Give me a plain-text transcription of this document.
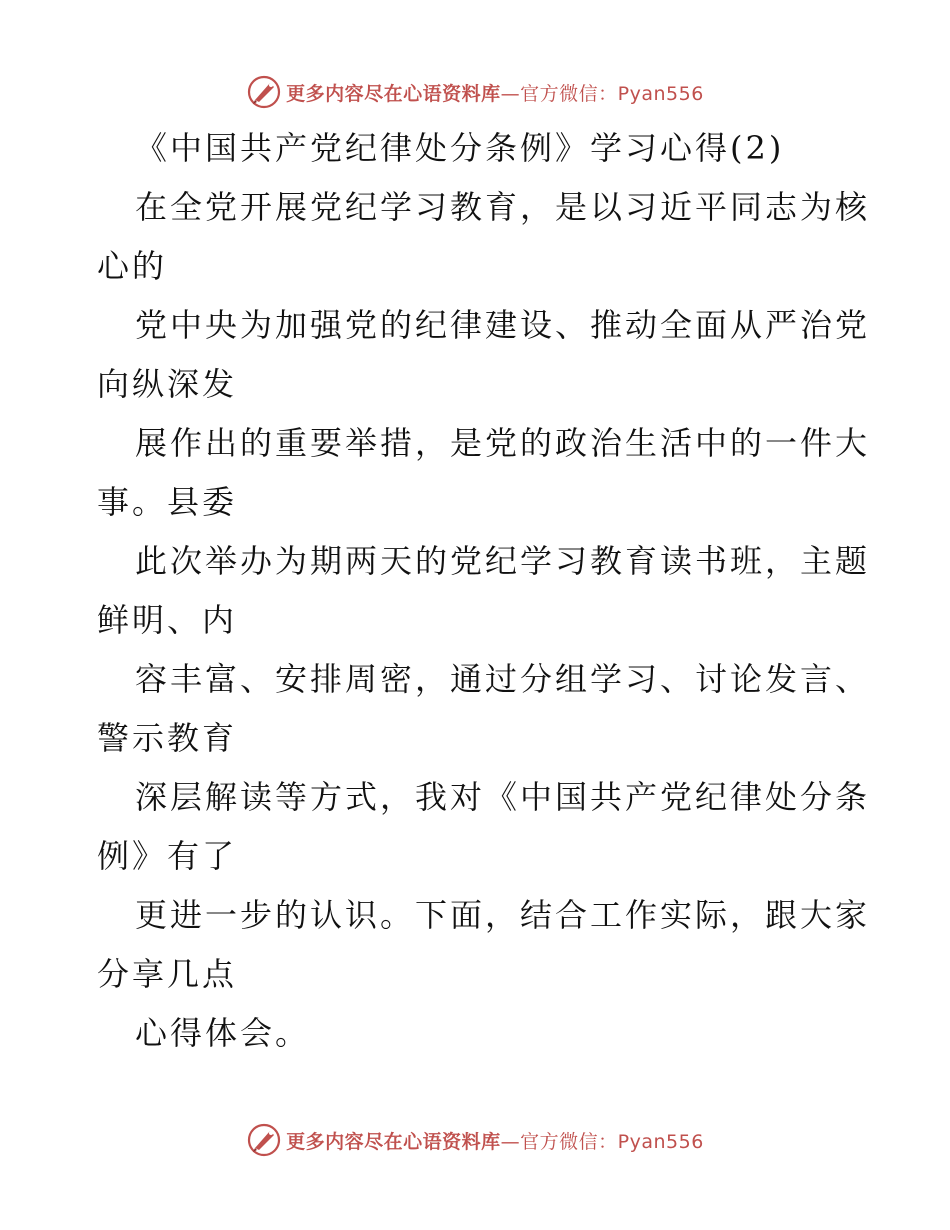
更多内容尽在心语资料库—官方微信：Pyan556
《中国共产党纪律处分条例》学习心得(2)
在全党开展党纪学习教育，是以习近平同志为核
心的
党中央为加强党的纪律建设、推动全面从严治党
向纵深发
展作出的重要举措，是党的政治生活中的一件大
事。县委
此次举办为期两天的党纪学习教育读书班，主题
鲜明、内
容丰富、安排周密，通过分组学习、讨论发言、
警示教育
深层解读等方式，我对《中国共产党纪律处分条
例》有了
更进一步的认识。下面，结合工作实际，跟大家
分享几点
心得体会。
更多内容尽在心语资料库—官方微信：Pyan556
